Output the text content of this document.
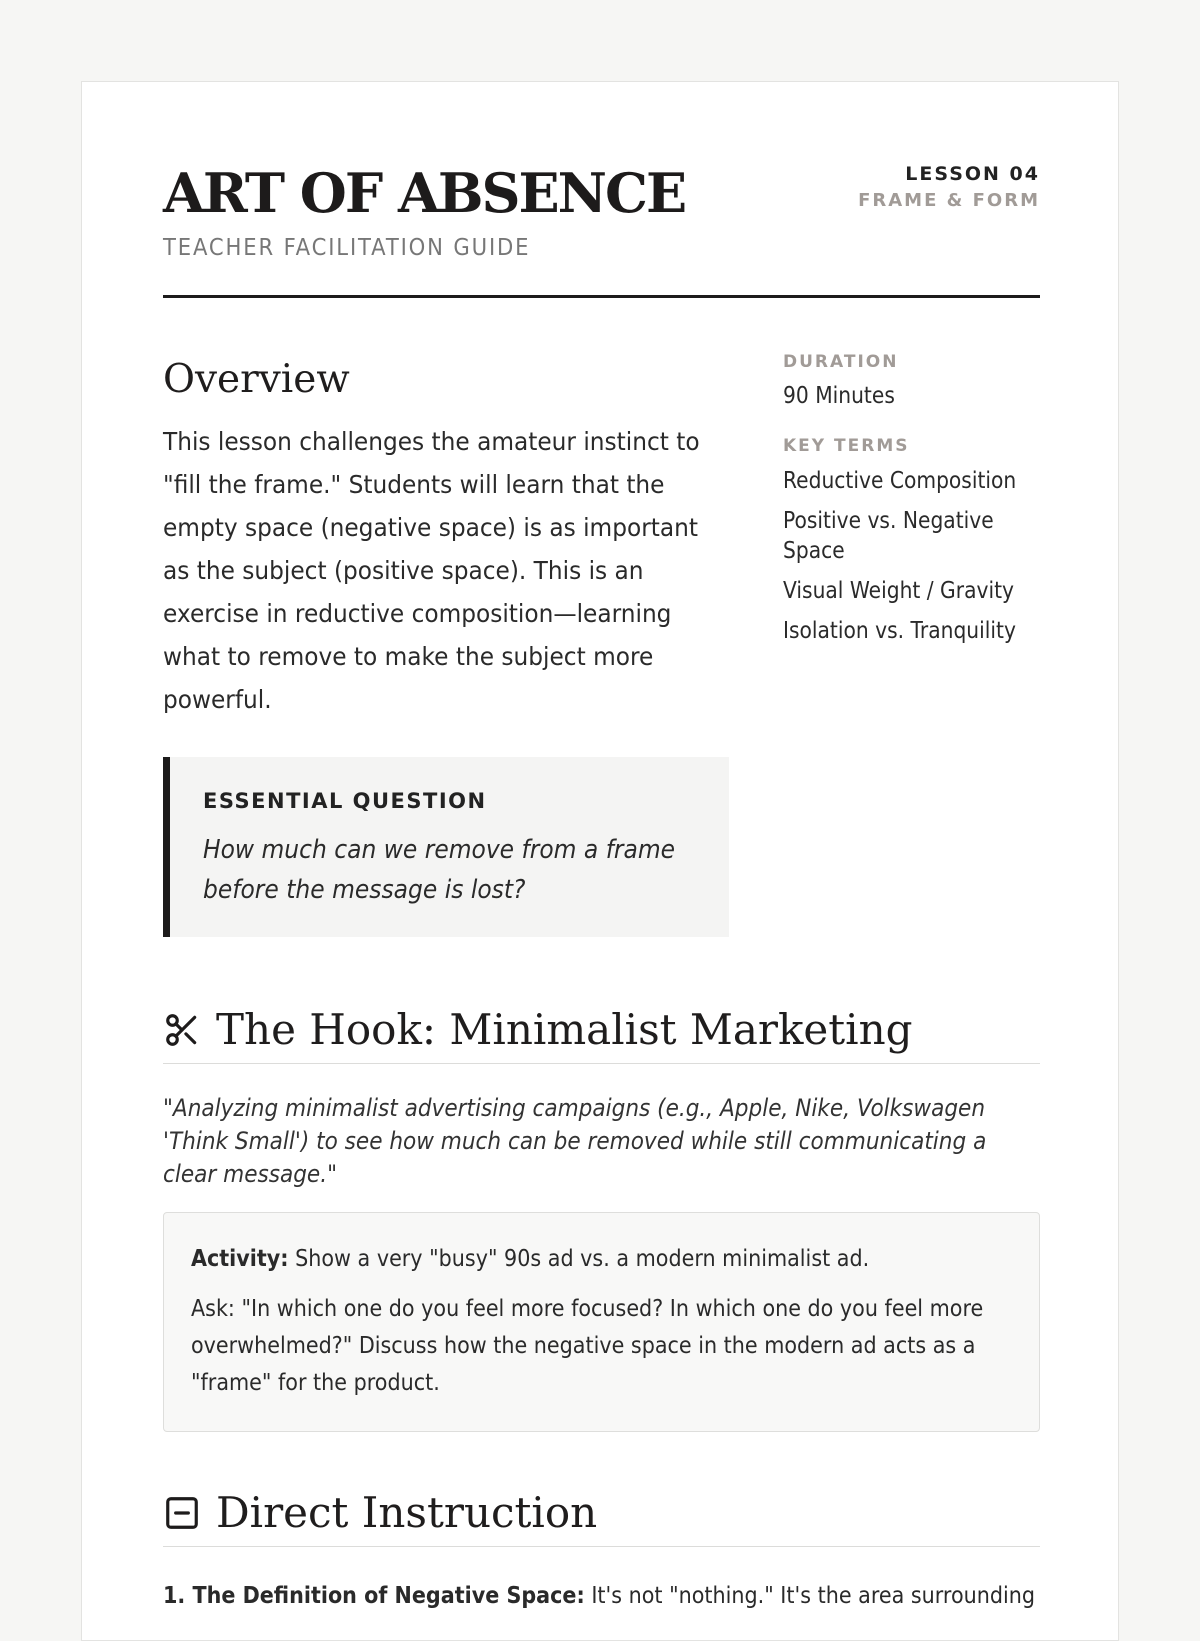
ART OF ABSENCE
TEACHER FACILITATION GUIDE
LESSON 04
FRAME & FORM
Overview
This lesson challenges the amateur instinct to "fill the frame." Students will learn that the empty space (negative space) is as important as the subject (positive space). This is an exercise in reductive composition—learning what to remove to make the subject more powerful.
ESSENTIAL QUESTION
How much can we remove from a frame before the message is lost?
DURATION
90 Minutes
KEY TERMS
Reductive Composition
Positive vs. Negative Space
Visual Weight / Gravity
Isolation vs. Tranquility
The Hook: Minimalist Marketing
"Analyzing minimalist advertising campaigns (e.g., Apple, Nike, Volkswagen 'Think Small') to see how much can be removed while still communicating a clear message."
Activity: Show a very "busy" 90s ad vs. a modern minimalist ad.
Ask: "In which one do you feel more focused? In which one do you feel more overwhelmed?" Discuss how the negative space in the modern ad acts as a "frame" for the product.
Direct Instruction
1. The Definition of Negative Space: It's not "nothing." It's the area surrounding
